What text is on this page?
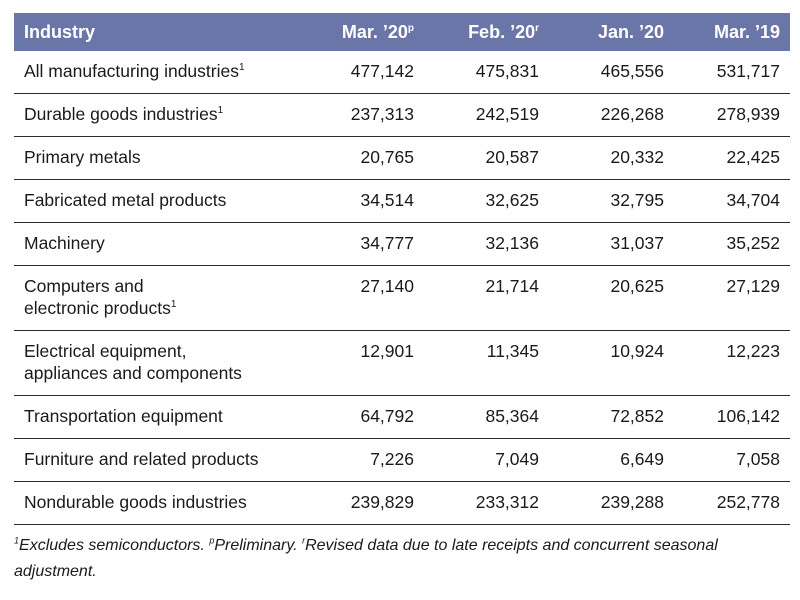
Industry	Mar. ’20$^p$	Feb. ’20$^r$	Jan. ’20	Mar. ’19

All manufacturing industries$^1$	477,142	475,831	465,556	531,717

Durable goods industries$^1$	237,313	242,519	226,268	278,939

Primary metals	20,765	20,587	20,332	22,425

Fabricated metal products	34,514	32,625	32,795	34,704

Machinery	34,777	32,136	31,037	35,252

Computers and
electronic products$^1$	27,140	21,714	20,625	27,129

Electrical equipment,
appliances and components	12,901	11,345	10,924	12,223

Transportation equipment	64,792	85,364	72,852	106,142

Furniture and related products	7,226	7,049	6,649	7,058

Nondurable goods industries	239,829	233,312	239,288	252,778
$^1$Excludes semiconductors. $^p$Preliminary. $^r$Revised data due to late receipts and concurrent seasonal adjustment.
